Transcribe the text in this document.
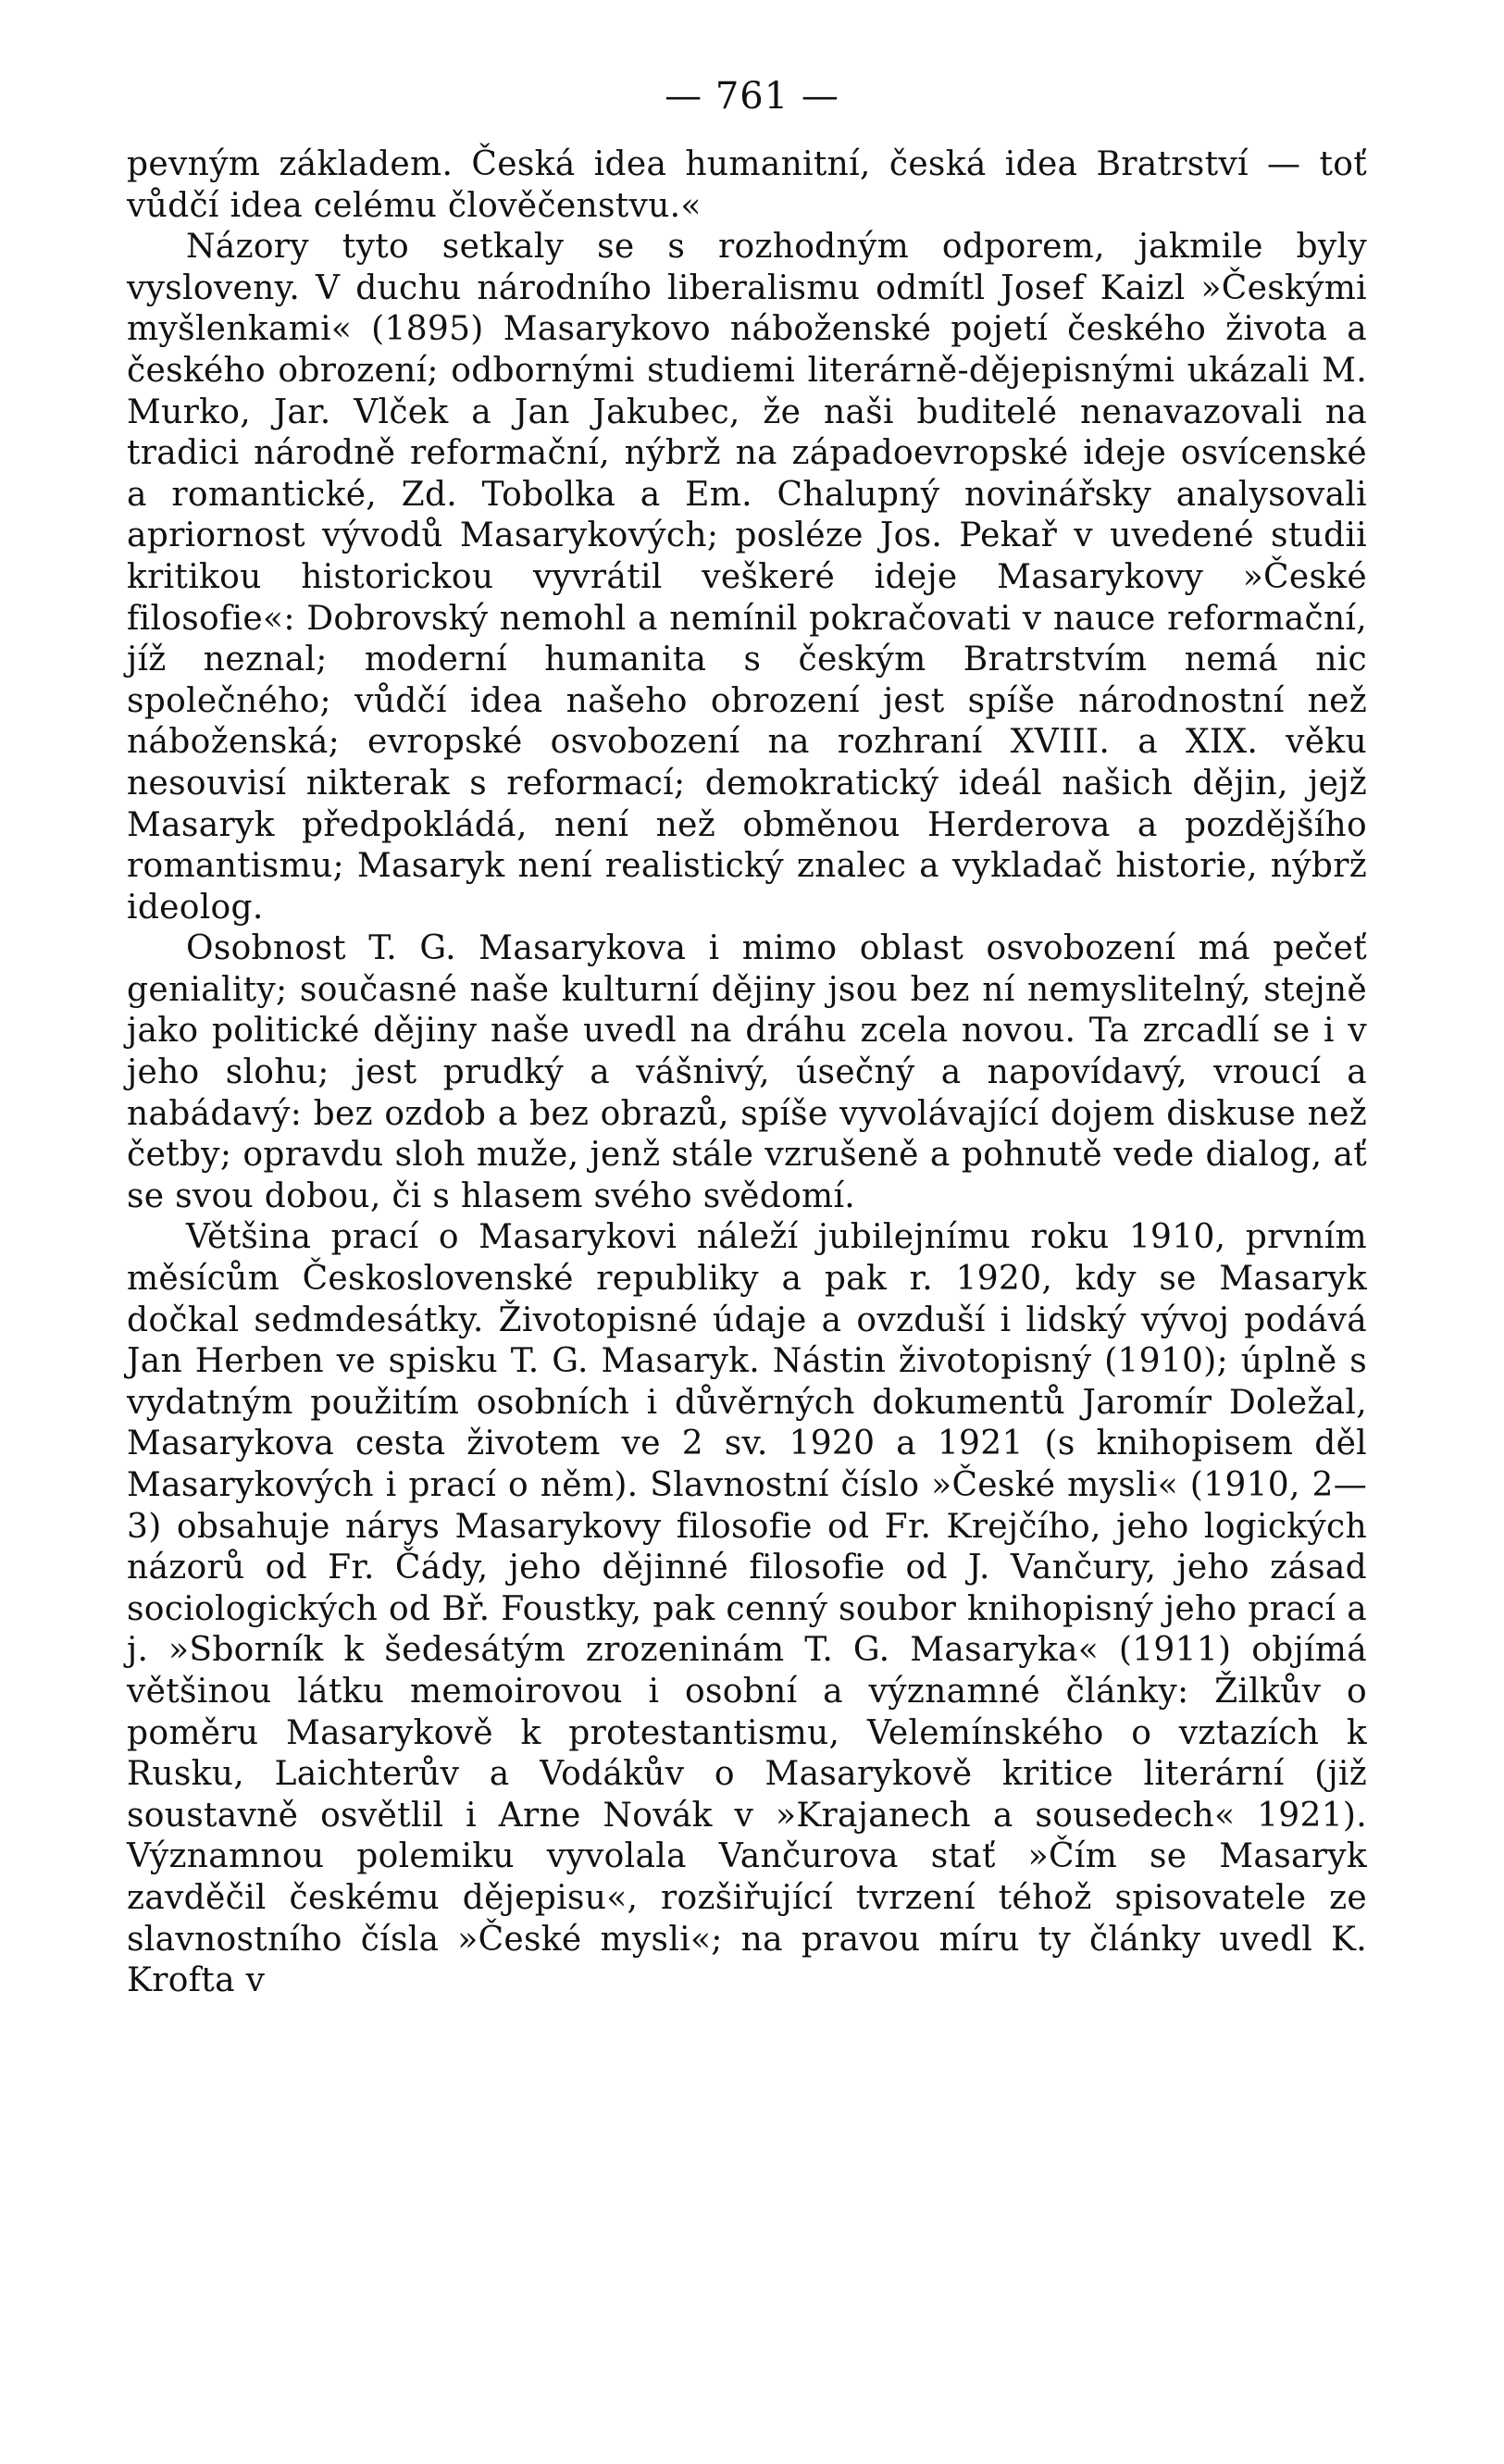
— 761 —

pevným základem. Česká idea humanitní, česká idea Bratrství — toť vůdčí idea celému člověčenstvu.«

Názory tyto setkaly se s rozhodným odporem, jakmile byly vysloveny. V duchu národního liberalismu odmítl Josef Kaizl »Českými myšlenkami« (1895) Masarykovo náboženské pojetí českého života a českého obrození; odbornými studiemi literárně-dějepisnými ukázali M. Murko, Jar. Vlček a Jan Jakubec, že naši buditelé nenavazovali na tradici národně reformační, nýbrž na západoevropské ideje osvícenské a romantické, Zd. Tobolka a Em. Chalupný novinářsky analysovali apriornost vývodů Masarykových; posléze Jos. Pekař v uvedené studii kritikou historickou vyvrátil veškeré ideje Masarykovy »České filosofie«: Dobrovský nemohl a nemínil pokračovati v nauce reformační, jíž neznal; moderní humanita s českým Bratrstvím nemá nic společného; vůdčí idea našeho obrození jest spíše národnostní než náboženská; evropské osvobození na rozhraní XVIII. a XIX. věku nesouvisí nikterak s reformací; demokratický ideál našich dějin, jejž Masaryk předpokládá, není než obměnou Herderova a pozdějšího romantismu; Masaryk není realistický znalec a vykladač historie, nýbrž ideolog.

Osobnost T. G. Masarykova i mimo oblast osvobození má pečeť geniality; současné naše kulturní dějiny jsou bez ní nemyslitelný, stejně jako politické dějiny naše uvedl na dráhu zcela novou. Ta zrcadlí se i v jeho slohu; jest prudký a vášnivý, úsečný a napovídavý, vroucí a nabádavý: bez ozdob a bez obrazů, spíše vyvolávající dojem diskuse než četby; opravdu sloh muže, jenž stále vzrušeně a pohnutě vede dialog, ať se svou dobou, či s hlasem svého svědomí.

Většina prací o Masarykovi náleží jubilejnímu roku 1910, prvním měsícům Československé republiky a pak r. 1920, kdy se Masaryk dočkal sedmdesátky. Životopisné údaje a ovzduší i lidský vývoj podává Jan Herben ve spisku T. G. Masaryk. Nástin životopisný (1910); úplně s vydatným použitím osobních i důvěrných dokumentů Jaromír Doležal, Masarykova cesta životem ve 2 sv. 1920 a 1921 (s knihopisem děl Masarykových i prací o něm). Slavnostní číslo »České mysli« (1910, 2—3) obsahuje nárys Masarykovy filosofie od Fr. Krejčího, jeho logických názorů od Fr. Čády, jeho dějinné filosofie od J. Vančury, jeho zásad sociologických od Bř. Foustky, pak cenný soubor knihopisný jeho prací a j. »Sborník k šedesátým zrozeninám T. G. Masaryka« (1911) objímá většinou látku memoirovou i osobní a významné články: Žilkův o poměru Masarykově k protestantismu, Velemínského o vztazích k Rusku, Laichterův a Vodákův o Masarykově kritice literární (již soustavně osvětlil i Arne Novák v »Krajanech a sousedech« 1921). Významnou polemiku vyvolala Vančurova stať »Čím se Masaryk zavděčil českému dějepisu«, rozšiřující tvrzení téhož spisovatele ze slavnostního čísla »České mysli«; na pravou míru ty články uvedl K. Krofta v
